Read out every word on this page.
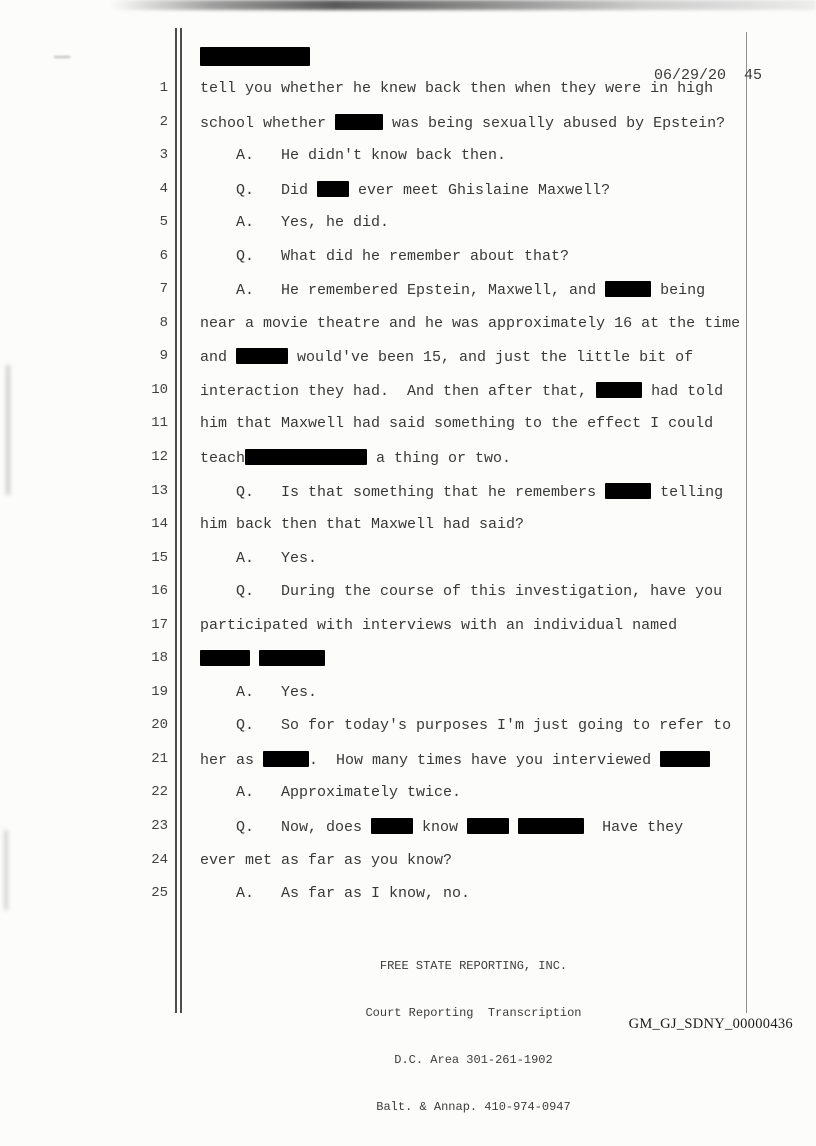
06/29/20 45

1 tell you whether he knew back then when they were in high
2 school whether	was being sexually abused by Epstein?
3 A.   He didn't know back then.
4 Q.   Did  ever meet Ghislaine Maxwell?
5 A.   Yes, he did.
6 Q.   What did he remember about that?
7 A.   He remembered Epstein, Maxwell, and	being
8 near a movie theatre and he was approximately 16 at the time
9 and	would've been 15, and just the little bit of
10 interaction they had.  And then after that,	had told
11 him that Maxwell had said something to the effect I could
12 teach	a thing or two.
13 Q.   Is that something that he remembers	telling
14 him back then that Maxwell had said?
15 A.   Yes.
16 Q.   During the course of this investigation, have you
17 participated with interviews with an individual named
18

19 A.   Yes.
20 Q.   So for today's purposes I'm just going to refer to
21 her as	.  How many times have you interviewed
22 A.   Approximately twice.
23 Q.   Now, does	know	Have they
24 ever met as far as you know?
25 A.   As far as I know, no.

FREE STATE REPORTING, INC.

Court Reporting  Transcription

D.C. Area 301-261-1902

Balt. & Annap. 410-974-0947

GM_GJ_SDNY_00000436
